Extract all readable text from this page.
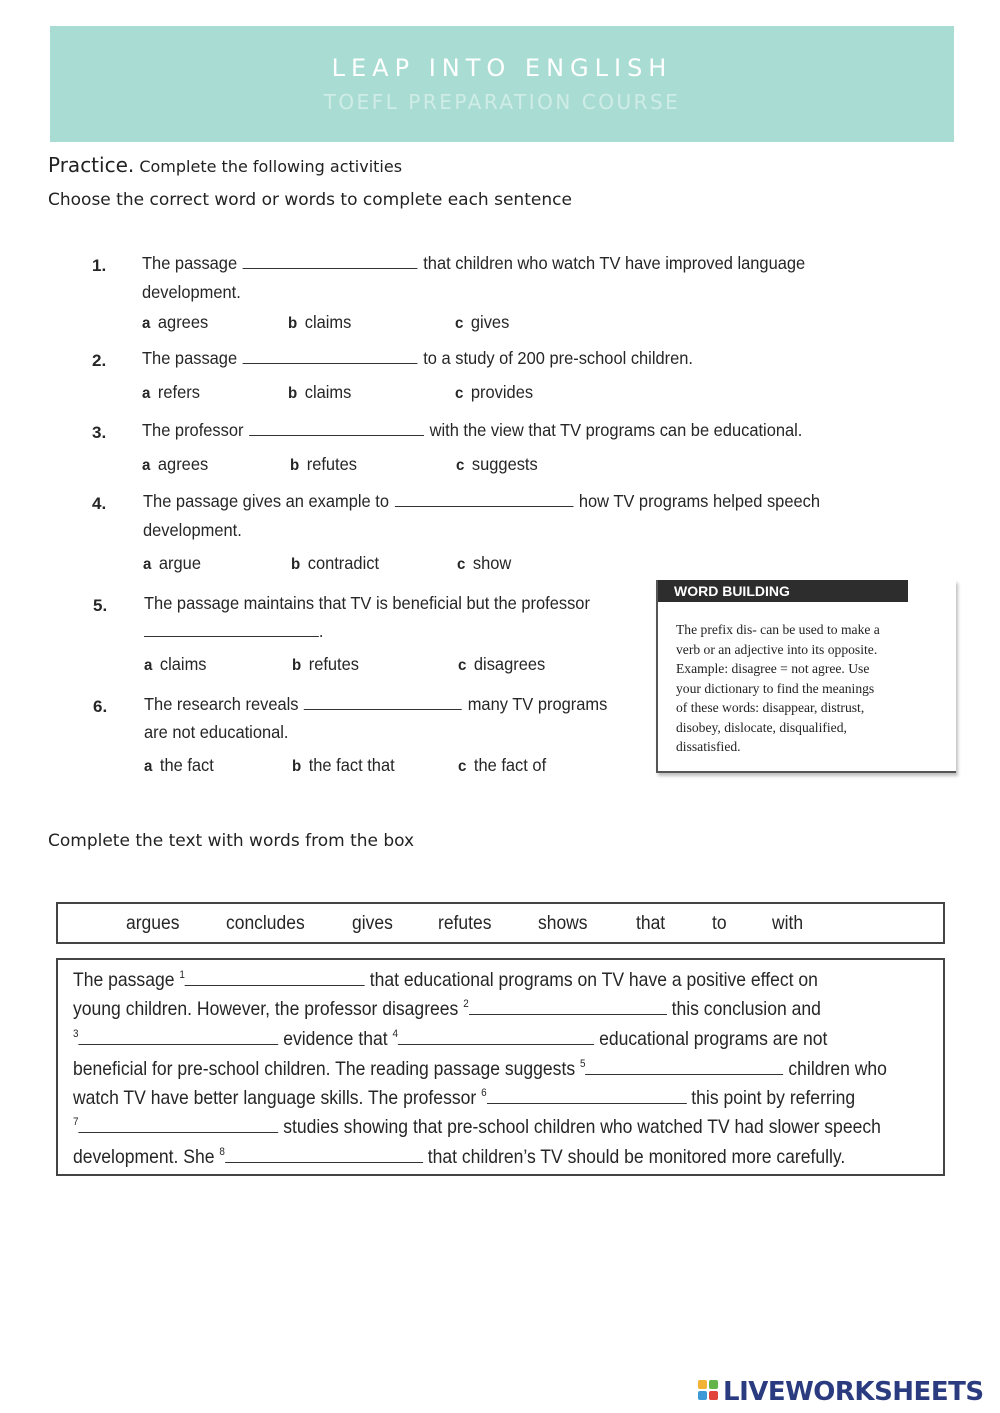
LEAP INTO ENGLISH
TOEFL PREPARATION COURSE
Practice. Complete the following activities
Choose the correct word or words to complete each sentence
1. The passage	that children who watch TV have improved language
development.
a agrees	b claims	c gives
2. The passage	to a study of 200 pre-school children.
a refers	b claims	c provides
3. The professor	with the view that TV programs can be educational.
a agrees	b refutes	c suggests
4. The passage gives an example to	how TV programs helped speech
development.
a argue	b contradict	c show
5. The passage maintains that TV is beneficial but the professor
.
a claims	b refutes	c disagrees
6. The research reveals	many TV programs
are not educational.
a the fact	b the fact that	c the fact of
WORD BUILDING
The prefix dis- can be used to make a
verb or an adjective into its opposite.
Example: disagree = not agree. Use
your dictionary to find the meanings
of these words: disappear, distrust,
disobey, dislocate, disqualified,
dissatisfied.
Complete the text with words from the box
argues concludes gives refutes shows	that to with
The passage $^1$	that educational programs on TV have a positive effect on
young children. However, the professor disagrees $^2$	this conclusion and
$^3$	evidence that $^4$	educational programs are not
beneficial for pre-school children. The reading passage suggests $^5$	children who
watch TV have better language skills. The professor $^6$	this point by referring
$^7$	studies showing that pre-school children who watched TV had slower speech
development. She $^8$	that children’s TV should be monitored more carefully.
LIVEWORKSHEETS
